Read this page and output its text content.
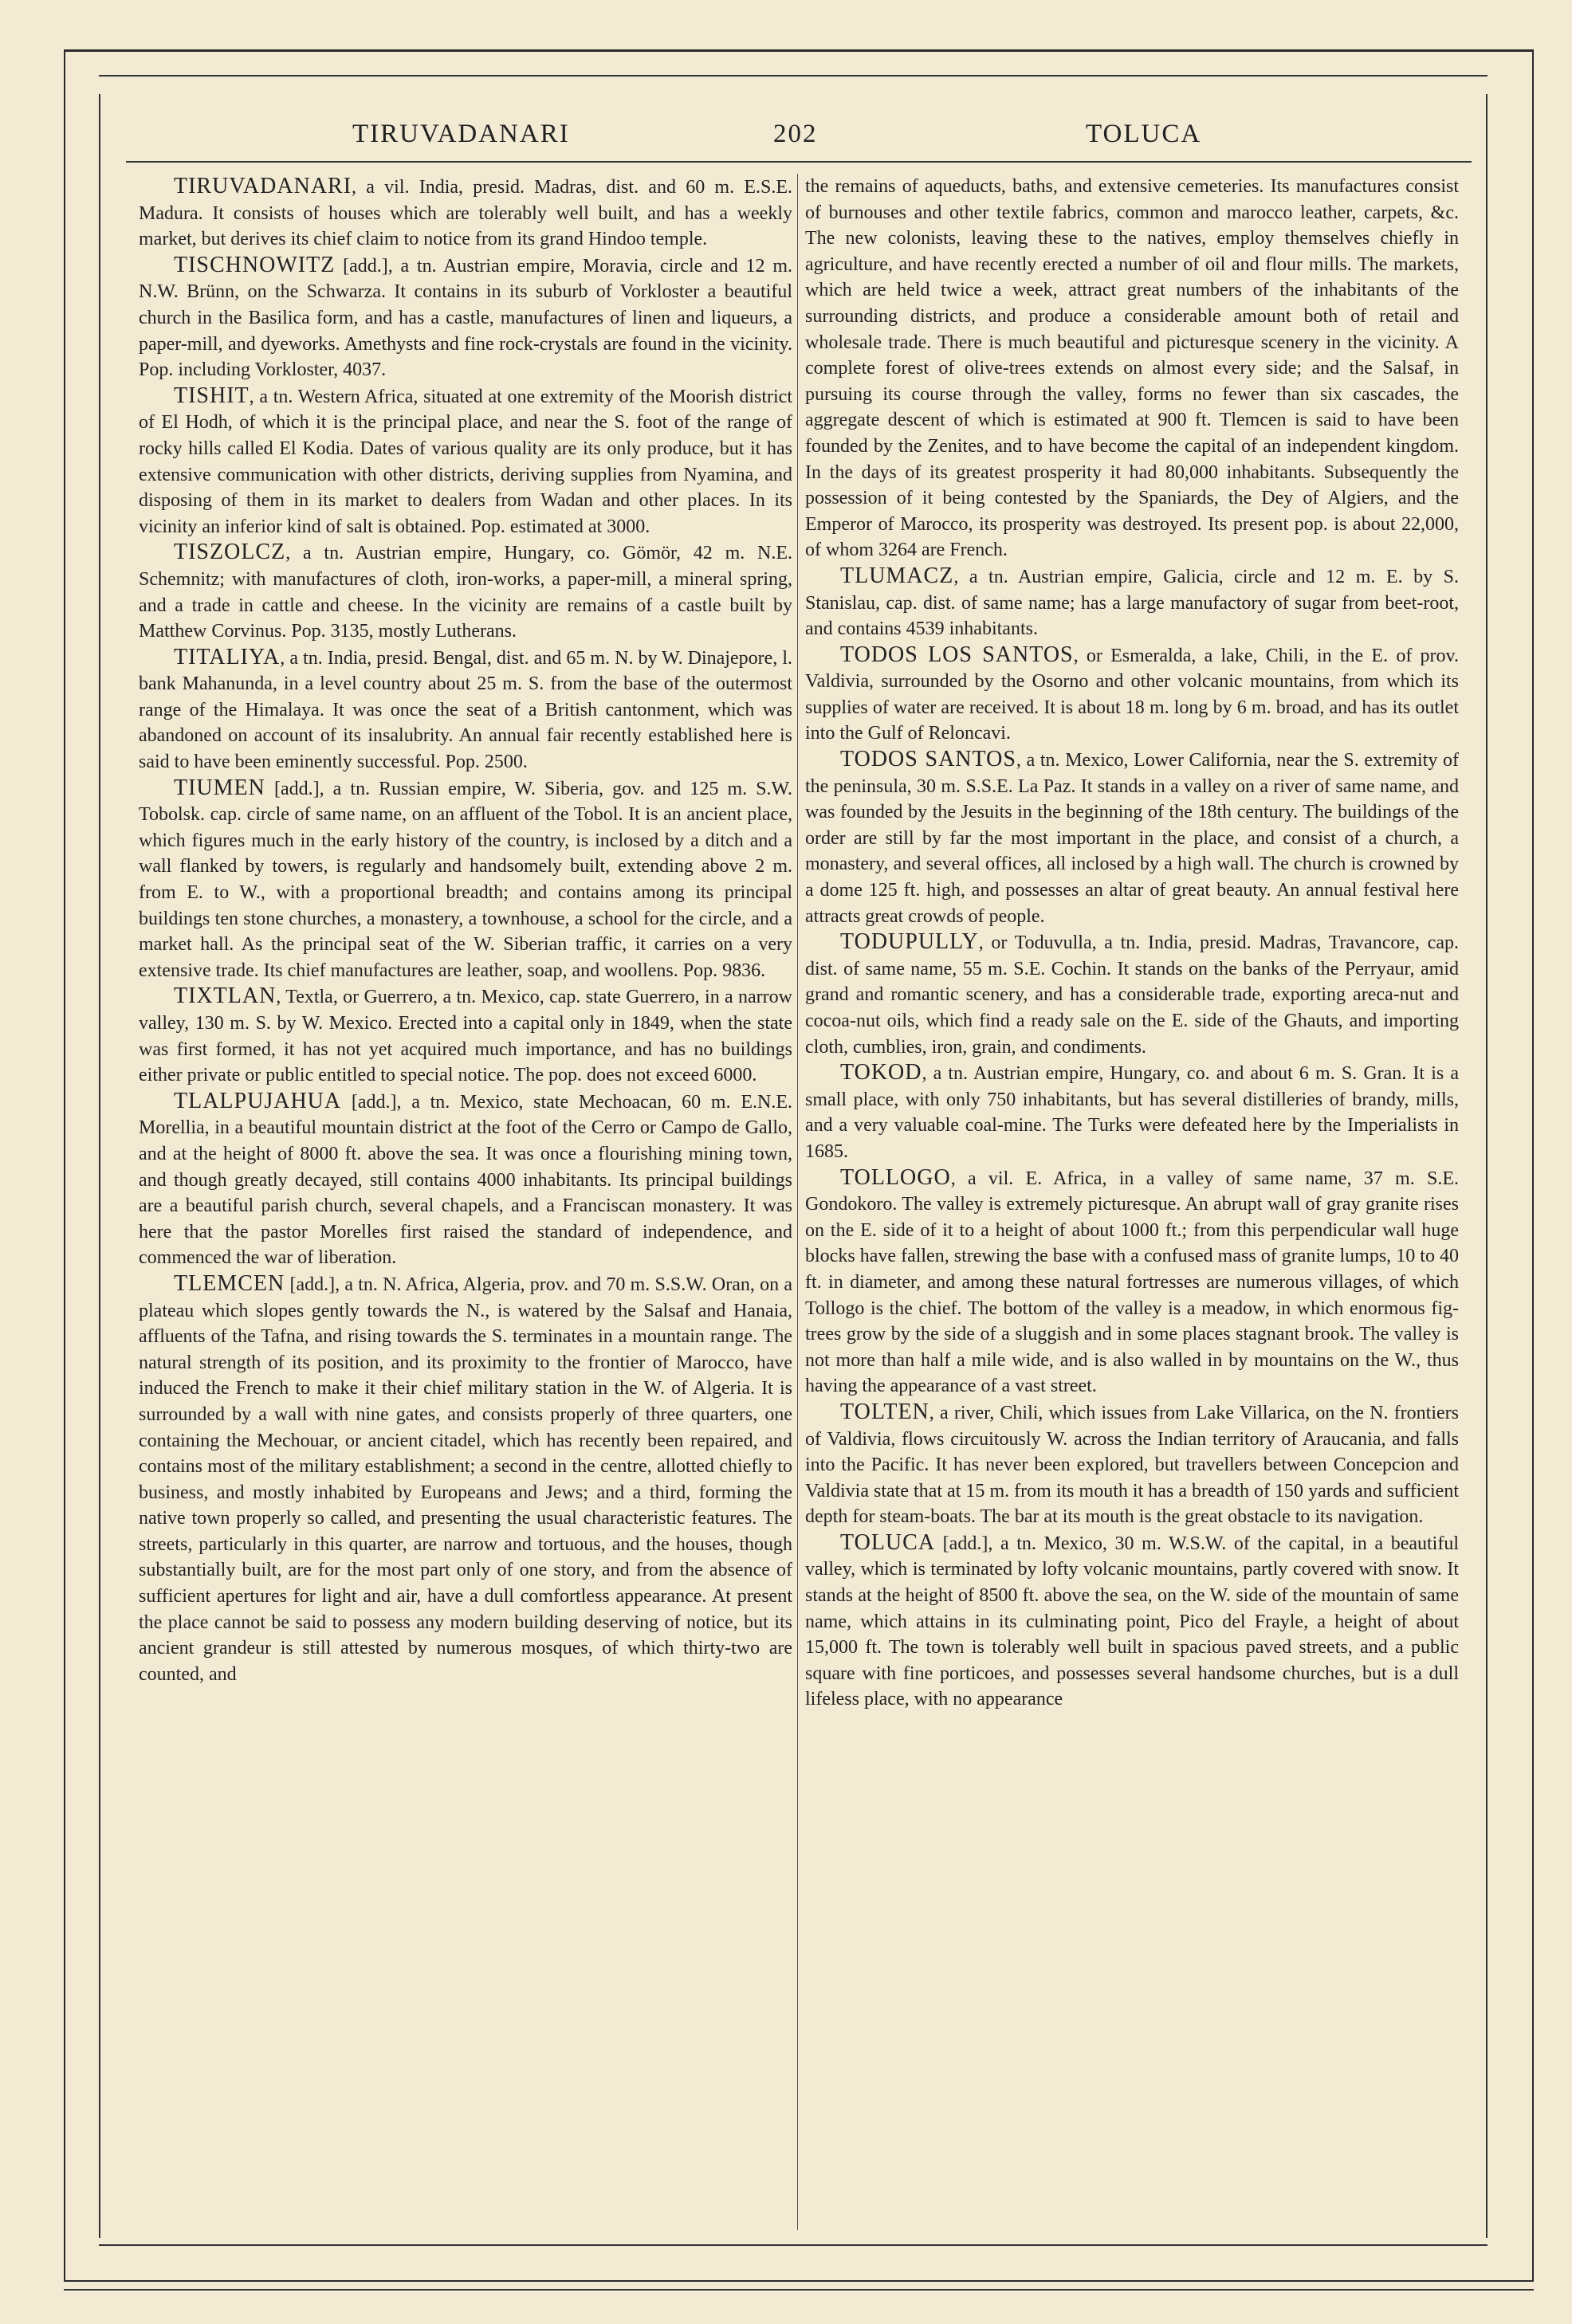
TIRUVADANARI	202	TOLUCA

TIRUVADANARI, a vil. India, presid. Madras, dist. and 60 m. E.S.E. Madura. It consists of houses which are tolerably well built, and has a weekly market, but derives its chief claim to notice from its grand Hindoo temple.

TISCHNOWITZ [add.], a tn. Austrian empire, Moravia, circle and 12 m. N.W. Brünn, on the Schwarza. It contains in its suburb of Vorkloster a beautiful church in the Basilica form, and has a castle, manufactures of linen and liqueurs, a paper-mill, and dyeworks. Amethysts and fine rock-crystals are found in the vicinity. Pop. including Vorkloster, 4037.

TISHIT, a tn. Western Africa, situated at one extremity of the Moorish district of El Hodh, of which it is the principal place, and near the S. foot of the range of rocky hills called El Kodia. Dates of various quality are its only produce, but it has extensive communication with other districts, deriving supplies from Nyamina, and disposing of them in its market to dealers from Wadan and other places. In its vicinity an inferior kind of salt is obtained. Pop. estimated at 3000.

TISZOLCZ, a tn. Austrian empire, Hungary, co. Gömör, 42 m. N.E. Schemnitz; with manufactures of cloth, iron-works, a paper-mill, a mineral spring, and a trade in cattle and cheese. In the vicinity are remains of a castle built by Matthew Corvinus. Pop. 3135, mostly Lutherans.

TITALIYA, a tn. India, presid. Bengal, dist. and 65 m. N. by W. Dinajepore, l. bank Mahanunda, in a level country about 25 m. S. from the base of the outermost range of the Himalaya. It was once the seat of a British cantonment, which was abandoned on account of its insalubrity. An annual fair recently established here is said to have been eminently successful. Pop. 2500.

TIUMEN [add.], a tn. Russian empire, W. Siberia, gov. and 125 m. S.W. Tobolsk. cap. circle of same name, on an affluent of the Tobol. It is an ancient place, which figures much in the early history of the country, is inclosed by a ditch and a wall flanked by towers, is regularly and handsomely built, extending above 2 m. from E. to W., with a proportional breadth; and contains among its principal buildings ten stone churches, a monastery, a townhouse, a school for the circle, and a market hall. As the principal seat of the W. Siberian traffic, it carries on a very extensive trade. Its chief manufactures are leather, soap, and woollens. Pop. 9836.

TIXTLAN, Textla, or Guerrero, a tn. Mexico, cap. state Guerrero, in a narrow valley, 130 m. S. by W. Mexico. Erected into a capital only in 1849, when the state was first formed, it has not yet acquired much importance, and has no buildings either private or public entitled to special notice. The pop. does not exceed 6000.

TLALPUJAHUA [add.], a tn. Mexico, state Mechoacan, 60 m. E.N.E. Morellia, in a beautiful mountain district at the foot of the Cerro or Campo de Gallo, and at the height of 8000 ft. above the sea. It was once a flourishing mining town, and though greatly decayed, still contains 4000 inhabitants. Its principal buildings are a beautiful parish church, several chapels, and a Franciscan monastery. It was here that the pastor Morelles first raised the standard of independence, and commenced the war of liberation.

TLEMCEN [add.], a tn. N. Africa, Algeria, prov. and 70 m. S.S.W. Oran, on a plateau which slopes gently towards the N., is watered by the Salsaf and Hanaia, affluents of the Tafna, and rising towards the S. terminates in a mountain range. The natural strength of its position, and its proximity to the frontier of Marocco, have induced the French to make it their chief military station in the W. of Algeria. It is surrounded by a wall with nine gates, and consists properly of three quarters, one containing the Mechouar, or ancient citadel, which has recently been repaired, and contains most of the military establishment; a second in the centre, allotted chiefly to business, and mostly inhabited by Europeans and Jews; and a third, forming the native town properly so called, and presenting the usual characteristic features. The streets, particularly in this quarter, are narrow and tortuous, and the houses, though substantially built, are for the most part only of one story, and from the absence of sufficient apertures for light and air, have a dull comfortless appearance. At present the place cannot be said to possess any modern building deserving of notice, but its ancient grandeur is still attested by numerous mosques, of which thirty-two are counted, and

the remains of aqueducts, baths, and extensive cemeteries. Its manufactures consist of burnouses and other textile fabrics, common and marocco leather, carpets, &c. The new colonists, leaving these to the natives, employ themselves chiefly in agriculture, and have recently erected a number of oil and flour mills. The markets, which are held twice a week, attract great numbers of the inhabitants of the surrounding districts, and produce a considerable amount both of retail and wholesale trade. There is much beautiful and picturesque scenery in the vicinity. A complete forest of olive-trees extends on almost every side; and the Salsaf, in pursuing its course through the valley, forms no fewer than six cascades, the aggregate descent of which is estimated at 900 ft. Tlemcen is said to have been founded by the Zenites, and to have become the capital of an independent kingdom. In the days of its greatest prosperity it had 80,000 inhabitants. Subsequently the possession of it being contested by the Spaniards, the Dey of Algiers, and the Emperor of Marocco, its prosperity was destroyed. Its present pop. is about 22,000, of whom 3264 are French.

TLUMACZ, a tn. Austrian empire, Galicia, circle and 12 m. E. by S. Stanislau, cap. dist. of same name; has a large manufactory of sugar from beet-root, and contains 4539 inhabitants.

TODOS LOS SANTOS, or Esmeralda, a lake, Chili, in the E. of prov. Valdivia, surrounded by the Osorno and other volcanic mountains, from which its supplies of water are received. It is about 18 m. long by 6 m. broad, and has its outlet into the Gulf of Reloncavi.

TODOS SANTOS, a tn. Mexico, Lower California, near the S. extremity of the peninsula, 30 m. S.S.E. La Paz. It stands in a valley on a river of same name, and was founded by the Jesuits in the beginning of the 18th century. The buildings of the order are still by far the most important in the place, and consist of a church, a monastery, and several offices, all inclosed by a high wall. The church is crowned by a dome 125 ft. high, and possesses an altar of great beauty. An annual festival here attracts great crowds of people.

TODUPULLY, or Toduvulla, a tn. India, presid. Madras, Travancore, cap. dist. of same name, 55 m. S.E. Cochin. It stands on the banks of the Perryaur, amid grand and romantic scenery, and has a considerable trade, exporting areca-nut and cocoa-nut oils, which find a ready sale on the E. side of the Ghauts, and importing cloth, cumblies, iron, grain, and condiments.

TOKOD, a tn. Austrian empire, Hungary, co. and about 6 m. S. Gran. It is a small place, with only 750 inhabitants, but has several distilleries of brandy, mills, and a very valuable coal-mine. The Turks were defeated here by the Imperialists in 1685.

TOLLOGO, a vil. E. Africa, in a valley of same name, 37 m. S.E. Gondokoro. The valley is extremely picturesque. An abrupt wall of gray granite rises on the E. side of it to a height of about 1000 ft.; from this perpendicular wall huge blocks have fallen, strewing the base with a confused mass of granite lumps, 10 to 40 ft. in diameter, and among these natural fortresses are numerous villages, of which Tollogo is the chief. The bottom of the valley is a meadow, in which enormous fig-trees grow by the side of a sluggish and in some places stagnant brook. The valley is not more than half a mile wide, and is also walled in by mountains on the W., thus having the appearance of a vast street.

TOLTEN, a river, Chili, which issues from Lake Villarica, on the N. frontiers of Valdivia, flows circuitously W. across the Indian territory of Araucania, and falls into the Pacific. It has never been explored, but travellers between Concepcion and Valdivia state that at 15 m. from its mouth it has a breadth of 150 yards and sufficient depth for steam-boats. The bar at its mouth is the great obstacle to its navigation.

TOLUCA [add.], a tn. Mexico, 30 m. W.S.W. of the capital, in a beautiful valley, which is terminated by lofty volcanic mountains, partly covered with snow. It stands at the height of 8500 ft. above the sea, on the W. side of the mountain of same name, which attains in its culminating point, Pico del Frayle, a height of about 15,000 ft. The town is tolerably well built in spacious paved streets, and a public square with fine porticoes, and possesses several handsome churches, but is a dull lifeless place, with no appearance
